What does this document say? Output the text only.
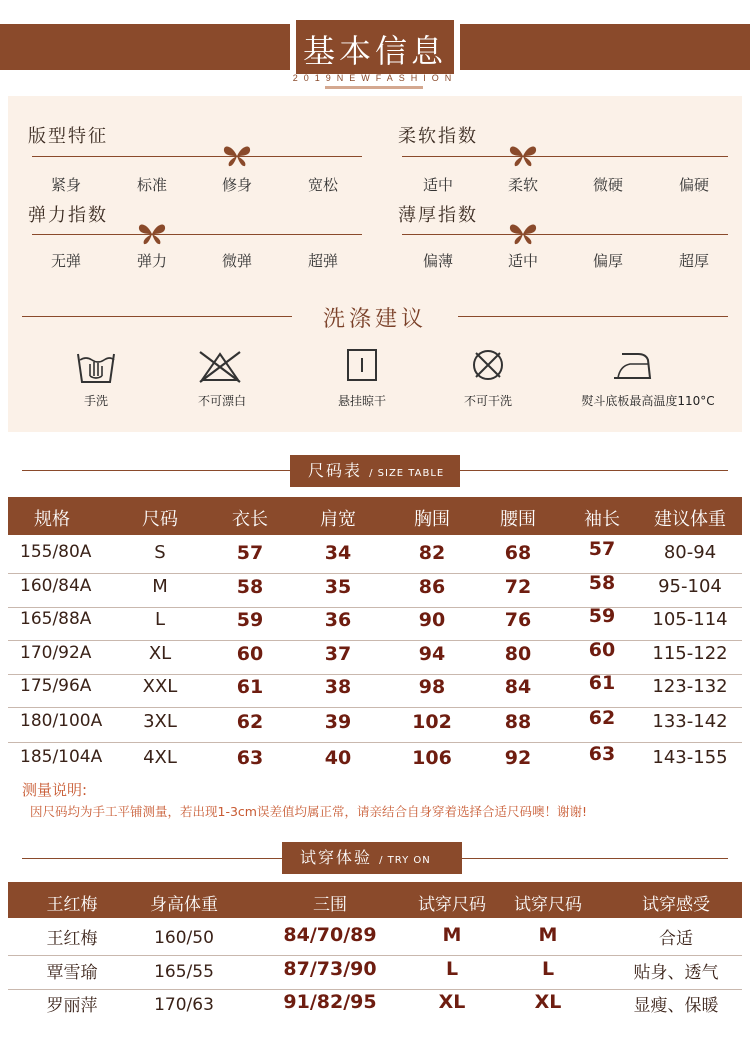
基本信息
2019NEWFASHION
版型特征
紧身	标准	修身	宽松
柔软指数
适中	柔软	微硬	偏硬
弹力指数
无弹	弹力	微弹	超弹
薄厚指数
偏薄	适中	偏厚	超厚
洗涤建议
手洗	不可漂白	悬挂晾干	不可干洗	熨斗底板最高温度110°C
尺码表 / SIZE TABLE
规格	尺码	衣长	肩宽	胸围	腰围	袖长	建议体重
155/80A	S	57	34	82	68	57	80-94
160/84A	M	58	35	86	72	58	95-104
165/88A	L	59	36	90	76	59	105-114
170/92A	XL	60	37	94	80	60	115-122
175/96A	XXL	61	38	98	84	61	123-132
180/100A	3XL	62	39	102	88	62	133-142
185/104A	4XL	63	40	106	92	63	143-155
测量说明:
因尺码均为手工平铺测量，若出现1-3cm误差值均属正常，请亲结合自身穿着选择合适尺码噢！谢谢!
试穿体验 / TRY ON
王红梅	身高体重	三围	试穿尺码	试穿尺码	试穿感受
王红梅	160/50	84/70/89	M	M	合适
覃雪瑜	165/55	87/73/90	L	L	贴身、透气
罗丽萍	170/63	91/82/95	XL	XL	显瘦、保暖
